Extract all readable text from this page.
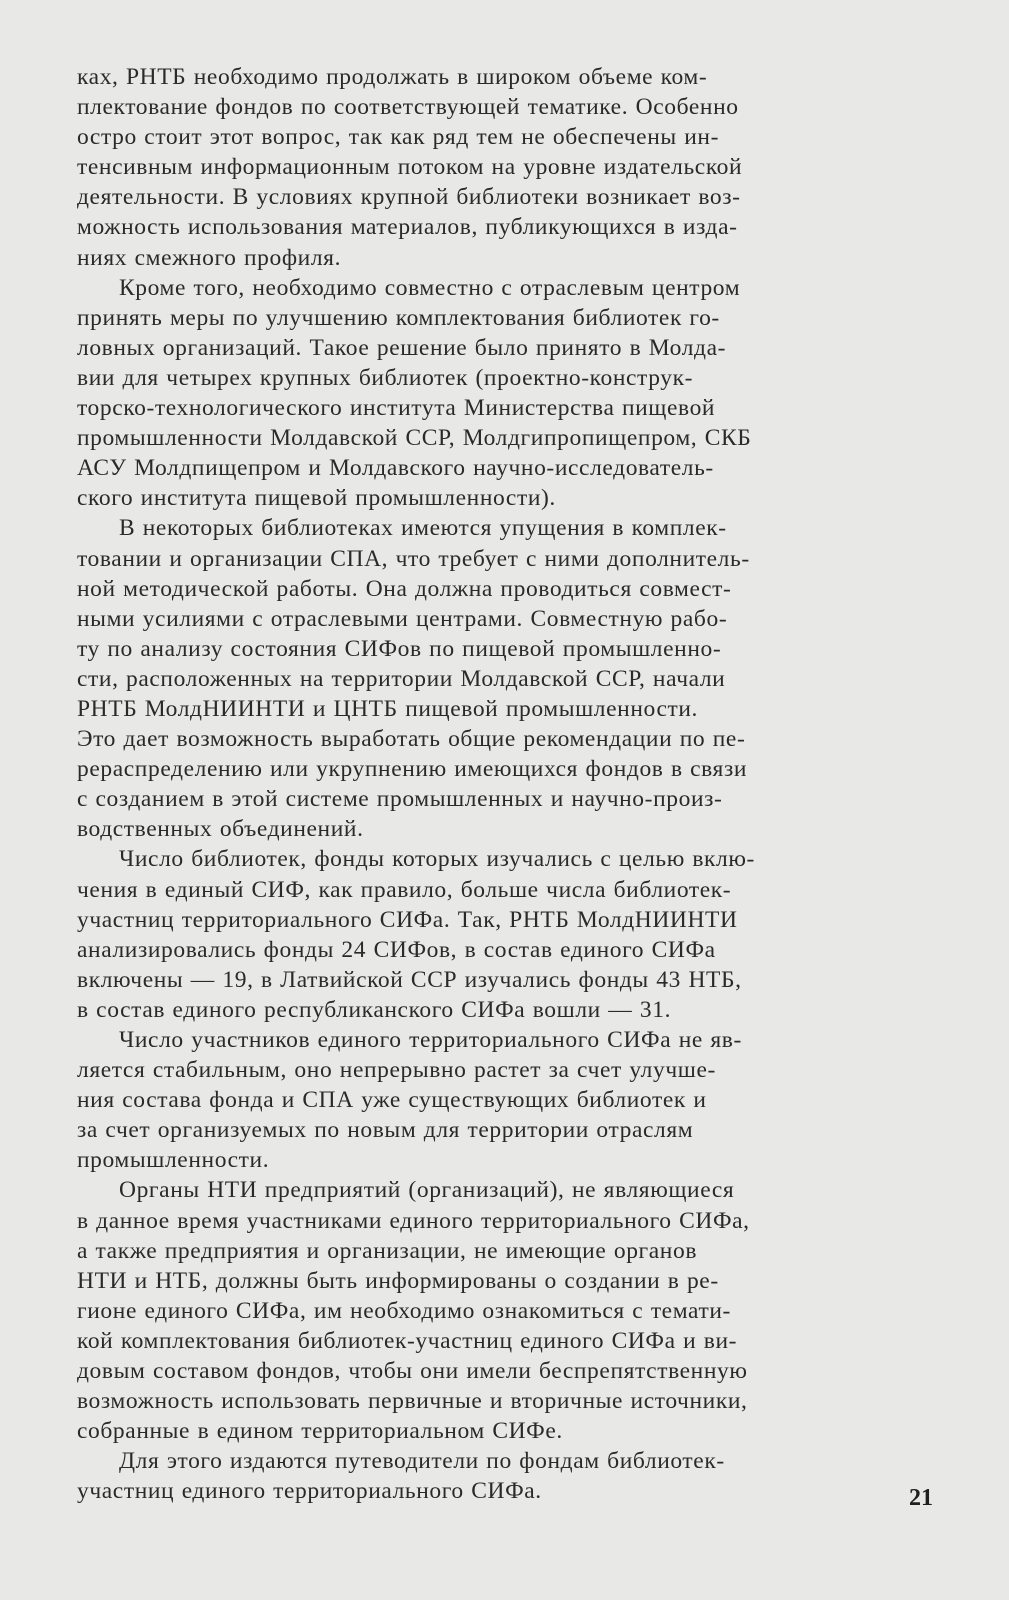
ках, РНТБ необходимо продолжать в широком объеме ком-
плектование фондов по соответствующей тематике. Особенно
остро стоит этот вопрос, так как ряд тем не обеспечены ин-
тенсивным информационным потоком на уровне издательской
деятельности. В условиях крупной библиотеки возникает воз-
можность использования материалов, публикующихся в изда-
ниях смежного профиля.
Кроме того, необходимо совместно с отраслевым центром
принять меры по улучшению комплектования библиотек го-
ловных организаций. Такое решение было принято в Молда-
вии для четырех крупных библиотек (проектно-конструк-
торско-технологического института Министерства пищевой
промышленности Молдавской ССР, Молдгипропищепром, СКБ
АСУ Молдпищепром и Молдавского научно-исследователь-
ского института пищевой промышленности).
В некоторых библиотеках имеются упущения в комплек-
товании и организации СПА, что требует с ними дополнитель-
ной методической работы. Она должна проводиться совмест-
ными усилиями с отраслевыми центрами. Совместную рабо-
ту по анализу состояния СИФов по пищевой промышленно-
сти, расположенных на территории Молдавской ССР, начали
РНТБ МолдНИИНТИ и ЦНТБ пищевой промышленности.
Это дает возможность выработать общие рекомендации по пе-
рераспределению или укрупнению имеющихся фондов в связи
с созданием в этой системе промышленных и научно-произ-
водственных объединений.
Число библиотек, фонды которых изучались с целью вклю-
чения в единый СИФ, как правило, больше числа библиотек-
участниц территориального СИФа. Так, РНТБ МолдНИИНТИ
анализировались фонды 24 СИФов, в состав единого СИФа
включены — 19, в Латвийской ССР изучались фонды 43 НТБ,
в состав единого республиканского СИФа вошли — 31.
Число участников единого территориального СИФа не яв-
ляется стабильным, оно непрерывно растет за счет улучше-
ния состава фонда и СПА уже существующих библиотек и
за счет организуемых по новым для территории отраслям
промышленности.
Органы НТИ предприятий (организаций), не являющиеся
в данное время участниками единого территориального СИФа,
а также предприятия и организации, не имеющие органов
НТИ и НТБ, должны быть информированы о создании в ре-
гионе единого СИФа, им необходимо ознакомиться с темати-
кой комплектования библиотек-участниц единого СИФа и ви-
довым составом фондов, чтобы они имели беспрепятственную
возможность использовать первичные и вторичные источники,
собранные в едином территориальном СИФе.
Для этого издаются путеводители по фондам библиотек-
участниц единого территориального СИФа.	21
